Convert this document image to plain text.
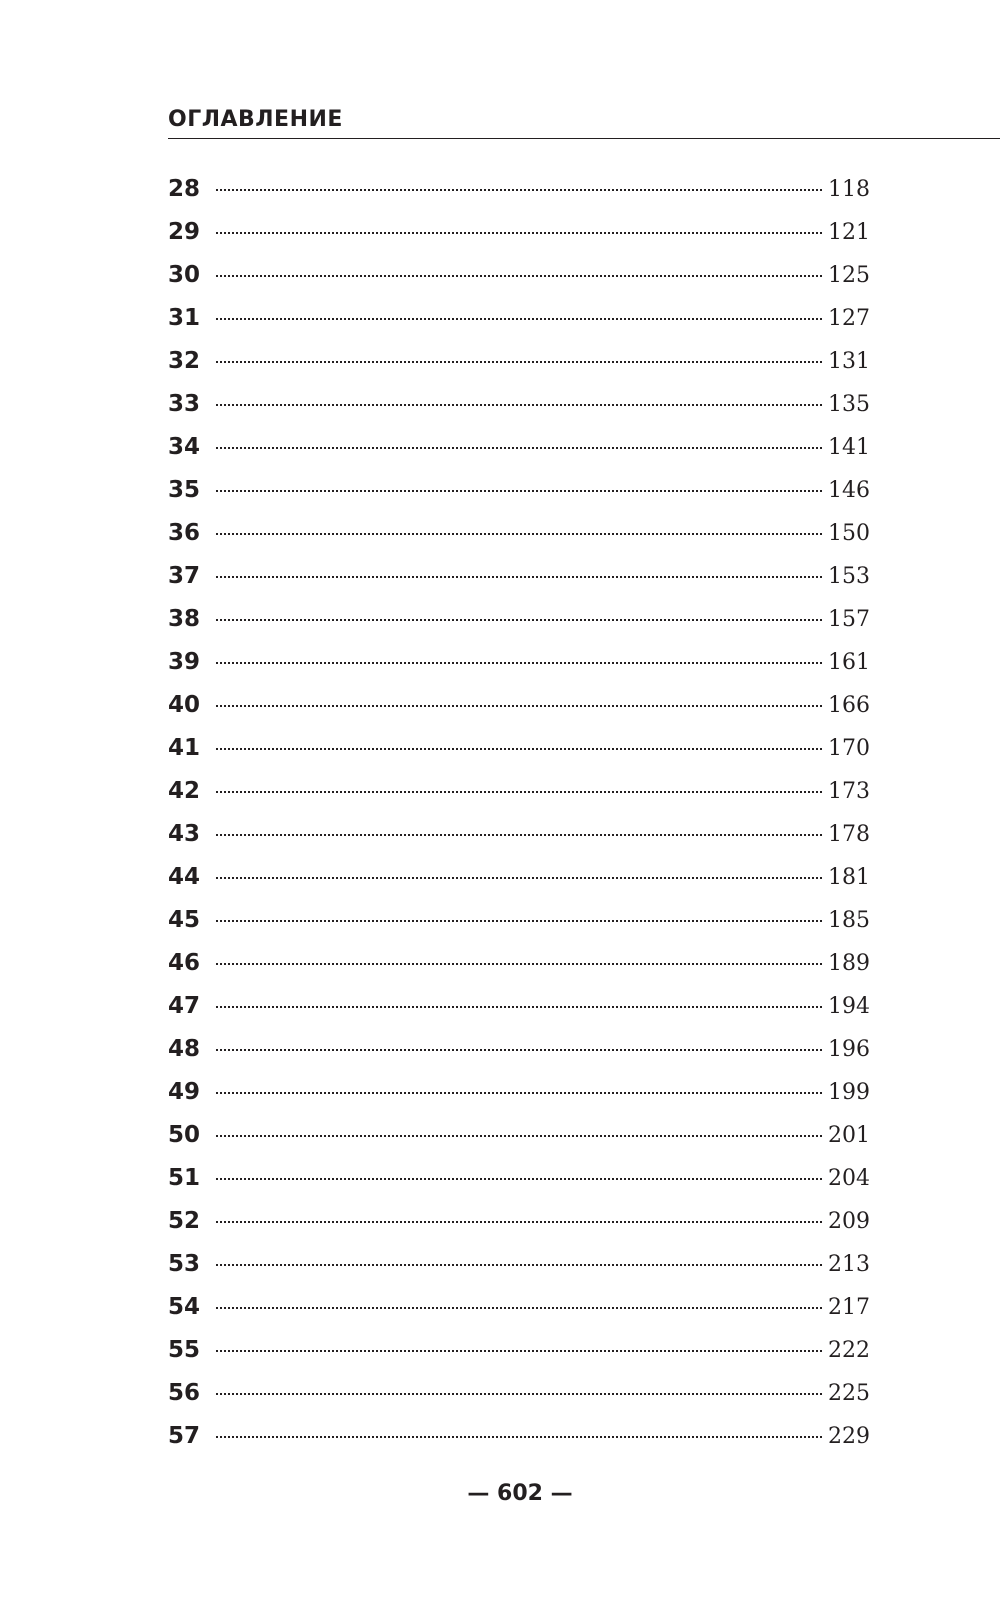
ОГЛАВЛЕНИЕ
28	118
29	121
30	125
31	127
32	131
33	135
34	141
35	146
36	150
37	153
38	157
39	161
40	166
41	170
42	173
43	178
44	181
45	185
46	189
47	194
48	196
49	199
50	201
51	204
52	209
53	213
54	217
55	222
56	225
57	229
— 602 —
